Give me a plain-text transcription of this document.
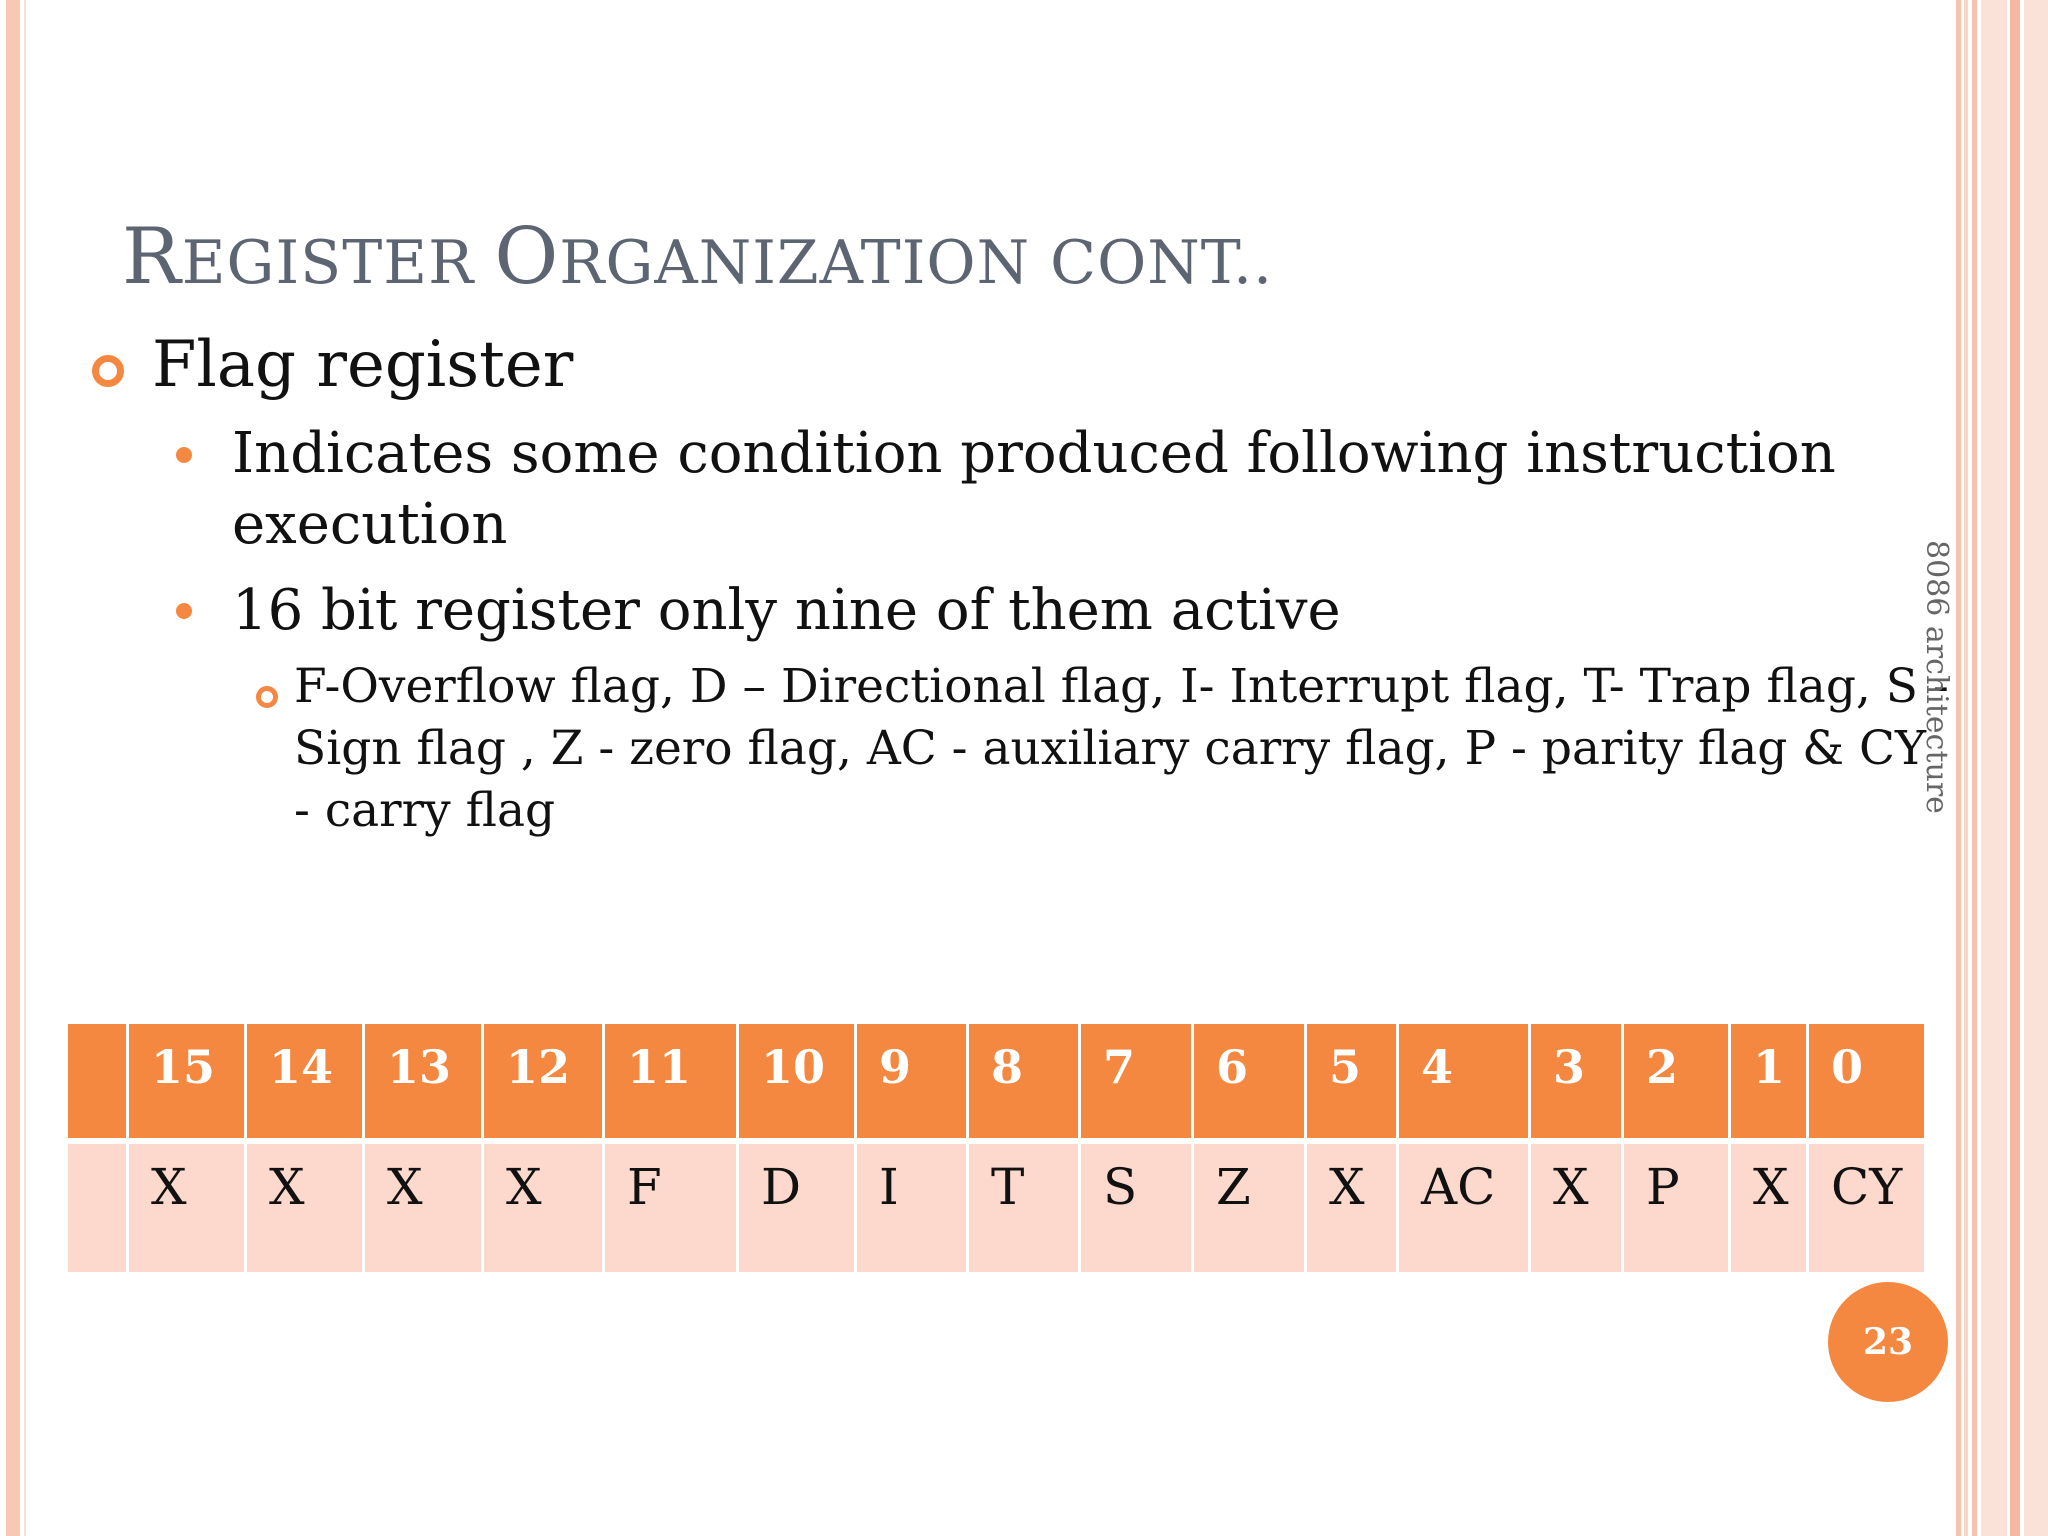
REGISTER ORGANIZATION CONT..
Flag register
Indicates some condition produced following instruction execution
16 bit register only nine of them active
F-Overflow flag, D – Directional flag, I- Interrupt flag, T- Trap flag, S -Sign flag , Z - zero flag, AC - auxiliary carry flag, P - parity flag & CY - carry flag	8086 architecture
	15	14	13	12	11	10	9	8	7	6	5	4	3	2	1	0
	X	X	X	X	F	D	I	T	S	Z	X	AC	X	P	X	CY
23
